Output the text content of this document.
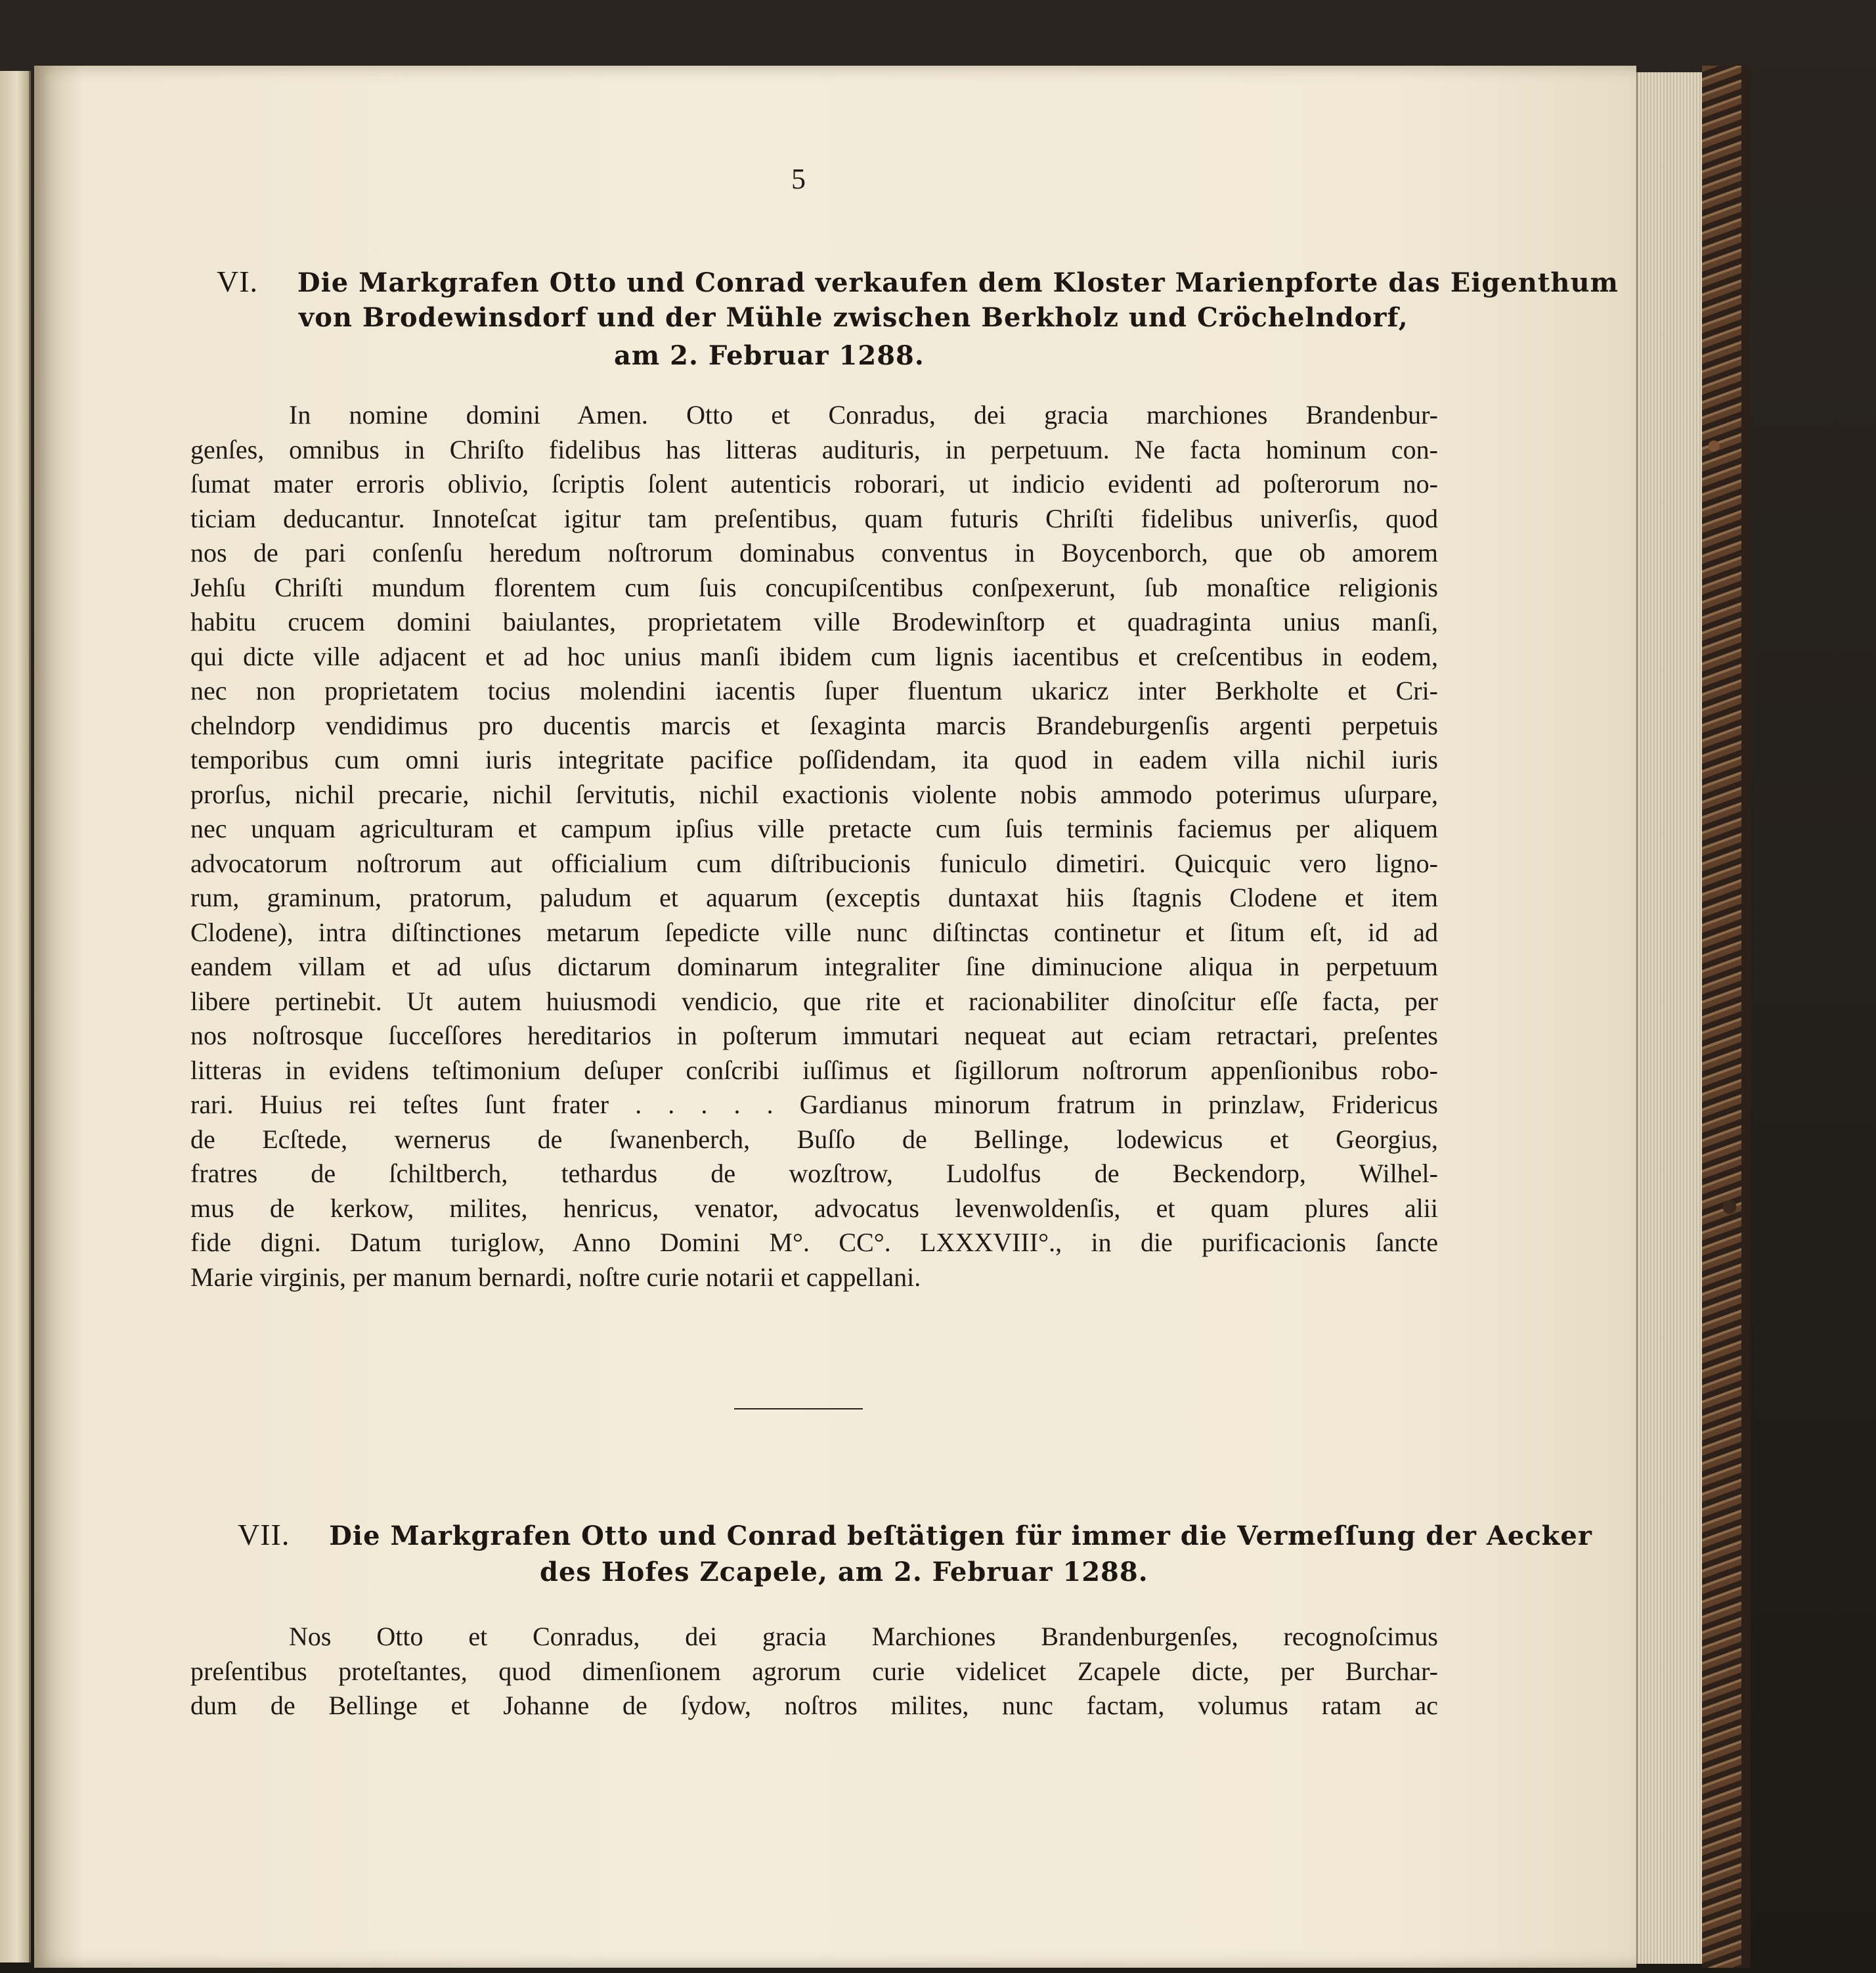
5
VI. Die Markgrafen Otto und Conrad verkaufen dem Kloster Marienpforte das Eigenthum
von Brodewinsdorf und der Mühle zwischen Berkholz und Cröchelndorf,
am 2. Februar 1288.
In nomine domini Amen. Otto et Conradus, dei gracia marchiones Brandenbur-
genſes, omnibus in Chriſto fidelibus has litteras audituris, in perpetuum. Ne facta hominum con-
ſumat mater erroris oblivio, ſcriptis ſolent autenticis roborari, ut indicio evidenti ad poſterorum no-
ticiam deducantur. Innoteſcat igitur tam preſentibus, quam futuris Chriſti fidelibus univerſis, quod
nos de pari conſenſu heredum noſtrorum dominabus conventus in Boycenborch, que ob amorem
Jehſu Chriſti mundum florentem cum ſuis concupiſcentibus conſpexerunt, ſub monaſtice religionis
habitu crucem domini baiulantes, proprietatem ville Brodewinſtorp et quadraginta unius manſi,
qui dicte ville adjacent et ad hoc unius manſi ibidem cum lignis iacentibus et creſcentibus in eodem,
nec non proprietatem tocius molendini iacentis ſuper fluentum ukaricz inter Berkholte et Cri-
chelndorp vendidimus pro ducentis marcis et ſexaginta marcis Brandeburgenſis argenti perpetuis
temporibus cum omni iuris integritate pacifice poſſidendam, ita quod in eadem villa nichil iuris
prorſus, nichil precarie, nichil ſervitutis, nichil exactionis violente nobis ammodo poterimus uſurpare,
nec unquam agriculturam et campum ipſius ville pretacte cum ſuis terminis faciemus per aliquem
advocatorum noſtrorum aut officialium cum diſtribucionis funiculo dimetiri. Quicquic vero ligno-
rum, graminum, pratorum, paludum et aquarum (exceptis duntaxat hiis ſtagnis Clodene et item
Clodene), intra diſtinctiones metarum ſepedicte ville nunc diſtinctas continetur et ſitum eſt, id ad
eandem villam et ad uſus dictarum dominarum integraliter ſine diminucione aliqua in perpetuum
libere pertinebit. Ut autem huiusmodi vendicio, que rite et racionabiliter dinoſcitur eſſe facta, per
nos noſtrosque ſucceſſores hereditarios in poſterum immutari nequeat aut eciam retractari, preſentes
litteras in evidens teſtimonium deſuper conſcribi iuſſimus et ſigillorum noſtrorum appenſionibus robo-
rari. Huius rei teſtes ſunt frater . . . . . Gardianus minorum fratrum in prinzlaw, Fridericus
de Ecſtede, wernerus de ſwanenberch, Buſſo de Bellinge, lodewicus et Georgius,
fratres de ſchiltberch, tethardus de wozſtrow, Ludolfus de Beckendorp, Wilhel-
mus de kerkow, milites, henricus, venator, advocatus levenwoldenſis, et quam plures alii
fide digni. Datum turiglow, Anno Domini M°. CC°. LXXXVIII°., in die purificacionis ſancte
Marie virginis, per manum bernardi, noſtre curie notarii et cappellani.
VII. Die Markgrafen Otto und Conrad beſtätigen für immer die Vermeſſung der Aecker
des Hofes Zcapele, am 2. Februar 1288.
Nos Otto et Conradus, dei gracia Marchiones Brandenburgenſes, recognoſcimus
preſentibus proteſtantes, quod dimenſionem agrorum curie videlicet Zcapele dicte, per Burchar-
dum de Bellinge et Johanne de ſydow, noſtros milites, nunc factam, volumus ratam ac
